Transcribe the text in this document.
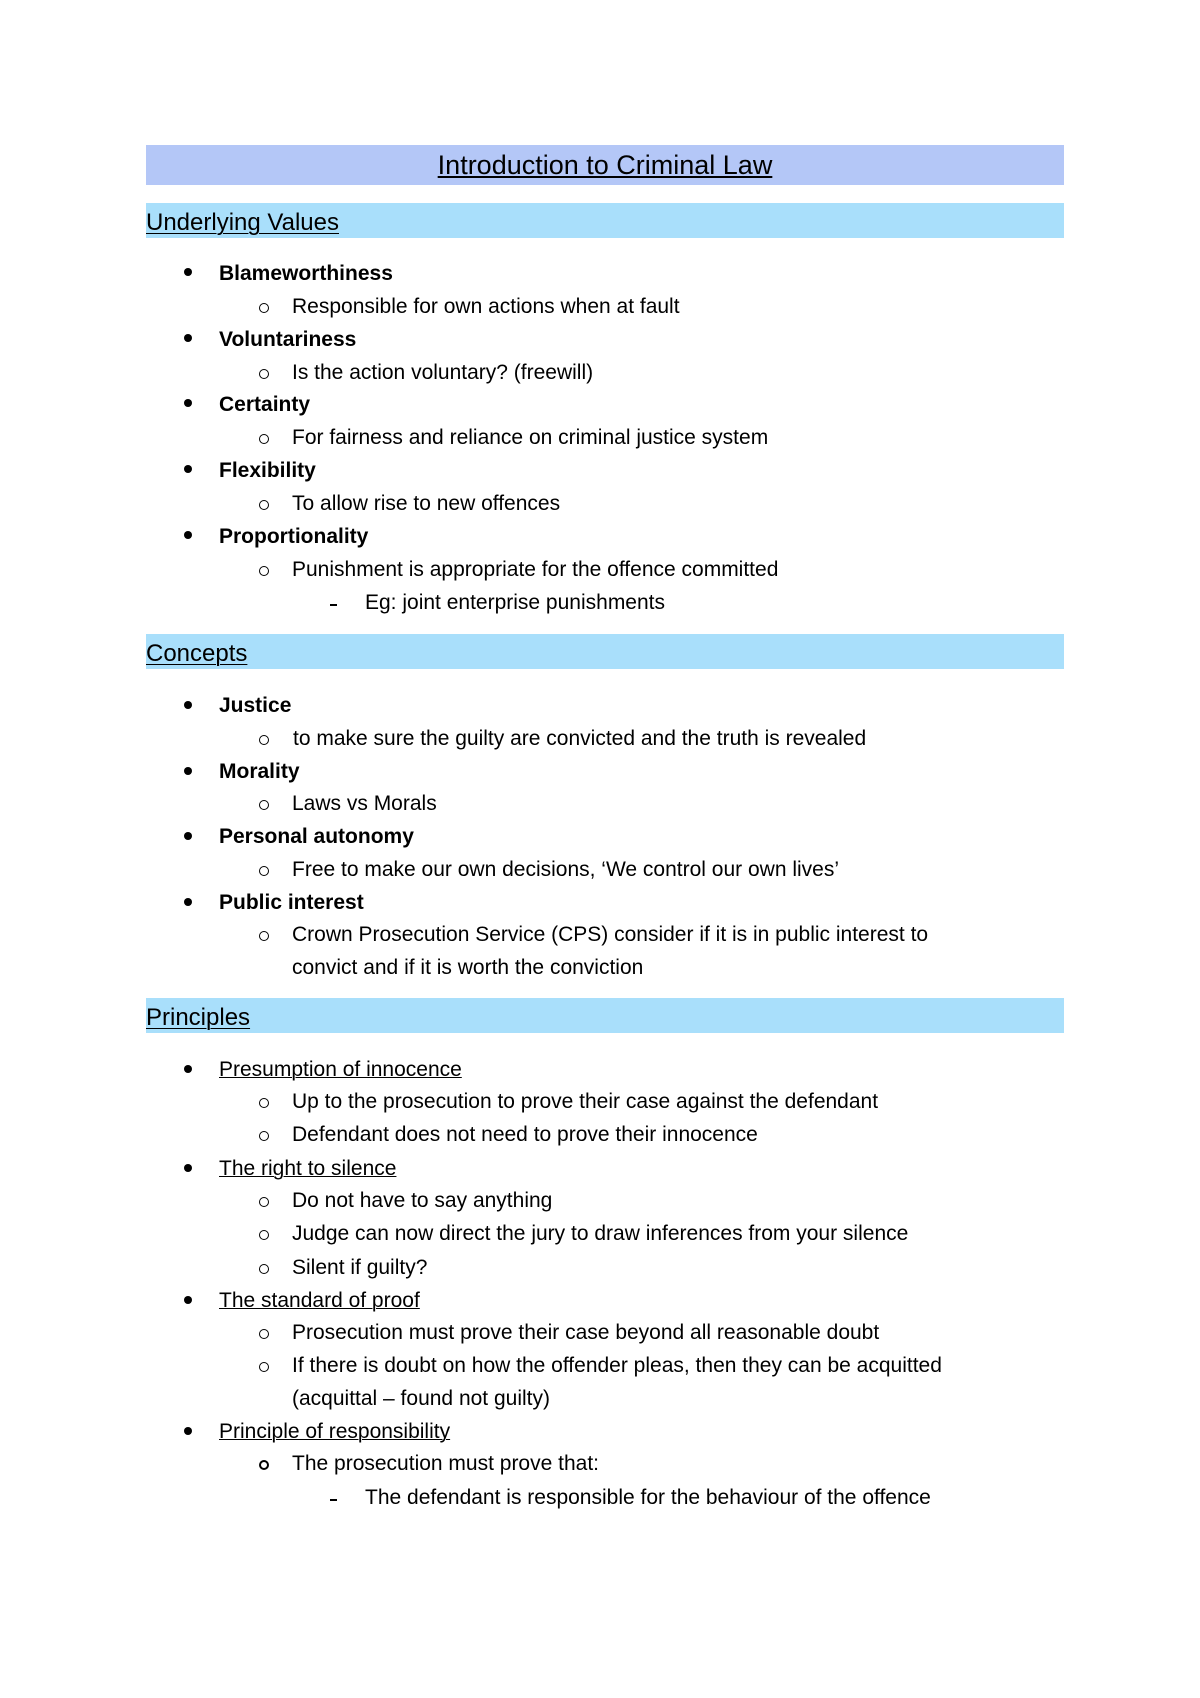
Introduction to Criminal Law
Underlying Values
Blameworthiness
Responsible for own actions when at fault
Voluntariness
Is the action voluntary? (freewill)
Certainty
For fairness and reliance on criminal justice system
Flexibility
To allow rise to new offences
Proportionality
Punishment is appropriate for the offence committed
Eg: joint enterprise punishments
Concepts
Justice
to make sure the guilty are convicted and the truth is revealed
Morality
Laws vs Morals
Personal autonomy
Free to make our own decisions, ‘We control our own lives’
Public interest
Crown Prosecution Service (CPS) consider if it is in public interest to
convict and if it is worth the conviction
Principles
Presumption of innocence
Up to the prosecution to prove their case against the defendant
Defendant does not need to prove their innocence
The right to silence
Do not have to say anything
Judge can now direct the jury to draw inferences from your silence
Silent if guilty?
The standard of proof
Prosecution must prove their case beyond all reasonable doubt
If there is doubt on how the offender pleas, then they can be acquitted
(acquittal – found not guilty)
Principle of responsibility
The prosecution must prove that:
The defendant is responsible for the behaviour of the offence
